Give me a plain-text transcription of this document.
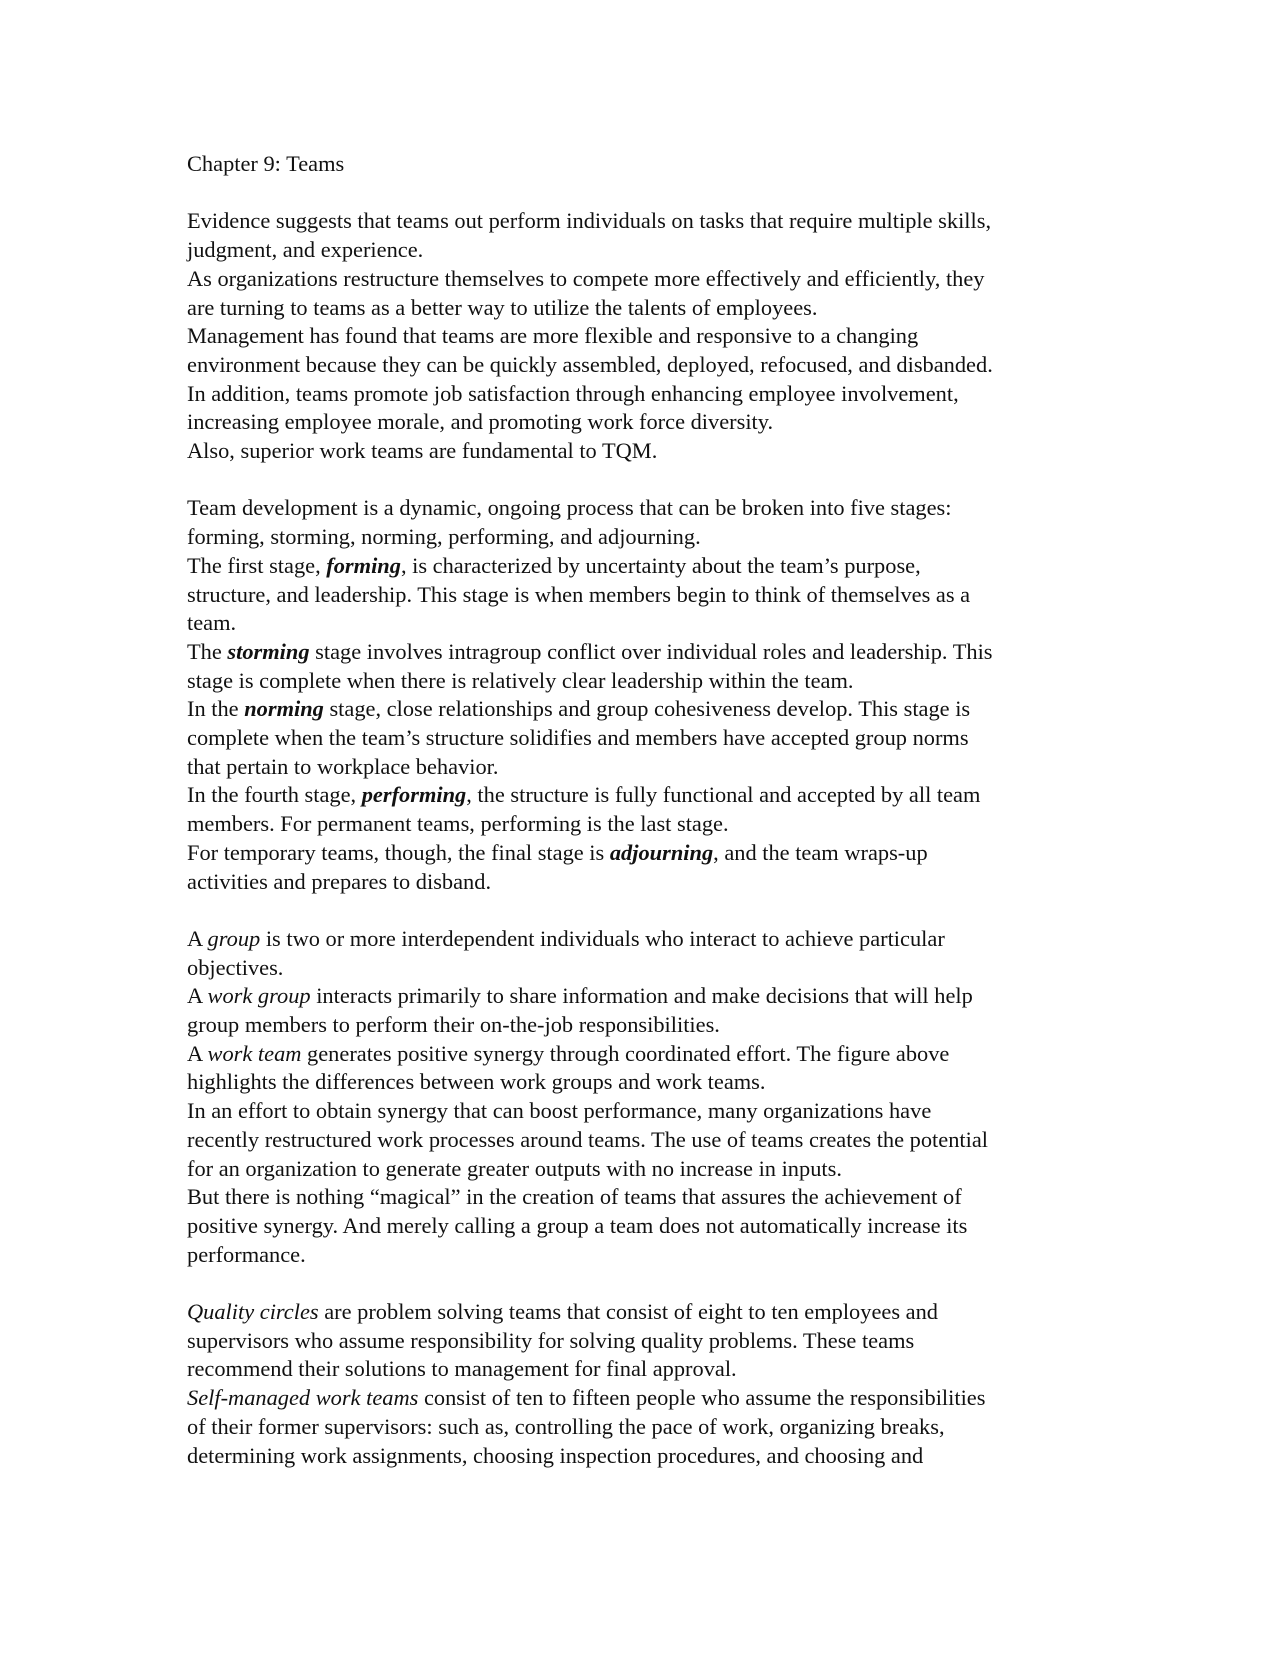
Chapter 9: Teams

Evidence suggests that teams out perform individuals on tasks that require multiple skills,
judgment, and experience.
As organizations restructure themselves to compete more effectively and efficiently, they
are turning to teams as a better way to utilize the talents of employees.
Management has found that teams are more flexible and responsive to a changing
environment because they can be quickly assembled, deployed, refocused, and disbanded.
In addition, teams promote job satisfaction through enhancing employee involvement,
increasing employee morale, and promoting work force diversity.
Also, superior work teams are fundamental to TQM.
Team development is a dynamic, ongoing process that can be broken into five stages:
forming, storming, norming, performing, and adjourning.
The first stage, forming, is characterized by uncertainty about the team’s purpose,
structure, and leadership. This stage is when members begin to think of themselves as a
team.
The storming stage involves intragroup conflict over individual roles and leadership. This
stage is complete when there is relatively clear leadership within the team.
In the norming stage, close relationships and group cohesiveness develop. This stage is
complete when the team’s structure solidifies and members have accepted group norms
that pertain to workplace behavior.
In the fourth stage, performing, the structure is fully functional and accepted by all team
members. For permanent teams, performing is the last stage.
For temporary teams, though, the final stage is adjourning, and the team wraps-up
activities and prepares to disband.
A group is two or more interdependent individuals who interact to achieve particular
objectives.
A work group interacts primarily to share information and make decisions that will help
group members to perform their on-the-job responsibilities.
A work team generates positive synergy through coordinated effort. The figure above
highlights the differences between work groups and work teams.
In an effort to obtain synergy that can boost performance, many organizations have
recently restructured work processes around teams. The use of teams creates the potential
for an organization to generate greater outputs with no increase in inputs.
But there is nothing “magical” in the creation of teams that assures the achievement of
positive synergy. And merely calling a group a team does not automatically increase its
performance.
Quality circles are problem solving teams that consist of eight to ten employees and
supervisors who assume responsibility for solving quality problems. These teams
recommend their solutions to management for final approval.
Self-managed work teams consist of ten to fifteen people who assume the responsibilities
of their former supervisors: such as, controlling the pace of work, organizing breaks,
determining work assignments, choosing inspection procedures, and choosing and
